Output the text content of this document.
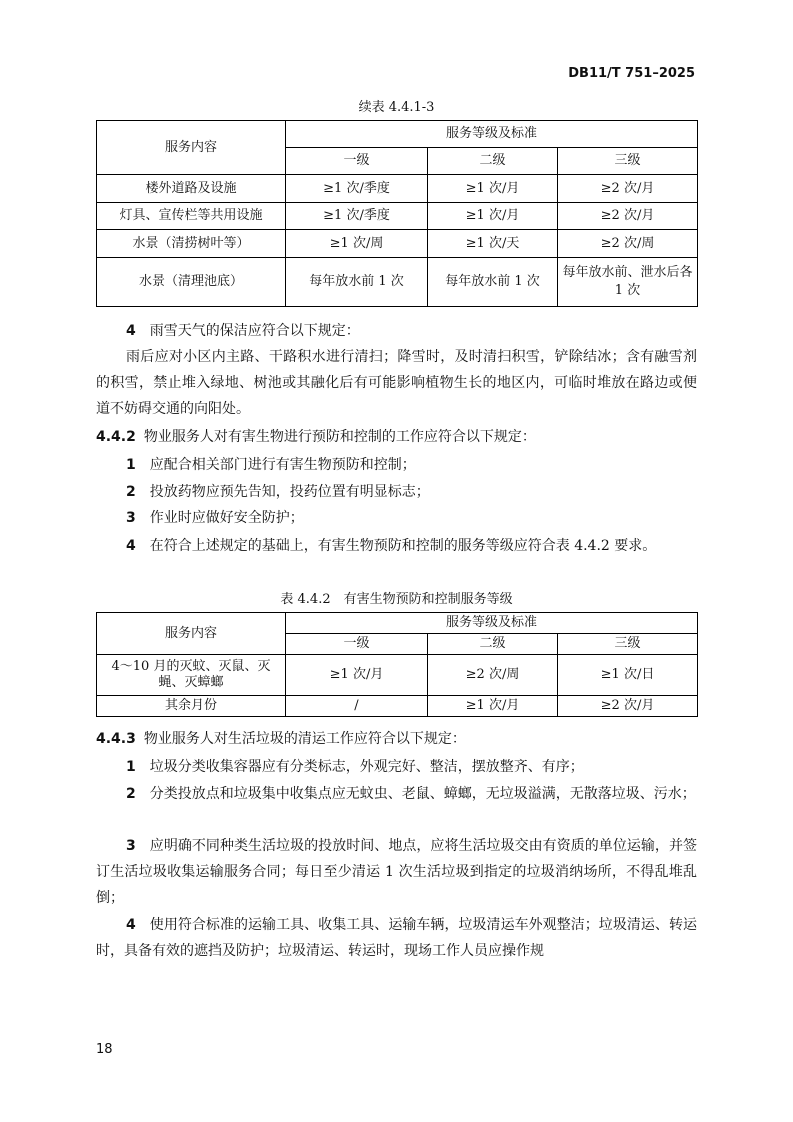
DB11/T 751–2025
续表 4.4.1-3
服务内容	服务等级及标准		
	一级	二级	三级
楼外道路及设施	≥1 次/季度	≥1 次/月	≥2 次/月
灯具、宣传栏等共用设施	≥1 次/季度	≥1 次/月	≥2 次/月
水景（清捞树叶等）	≥1 次/周	≥1 次/天	≥2 次/周
水景（清理池底）	每年放水前 1 次	每年放水前 1 次	每年放水前、泄水后各 1 次
4  雨雪天气的保洁应符合以下规定：
雨后应对小区内主路、干路积水进行清扫；降雪时，及时清扫积雪，铲除结冰；含有融雪剂的积雪，禁止堆入绿地、树池或其融化后有可能影响植物生长的地区内，可临时堆放在路边或便道不妨碍交通的向阳处。
4.4.2 物业服务人对有害生物进行预防和控制的工作应符合以下规定：
1  应配合相关部门进行有害生物预防和控制；
2  投放药物应预先告知，投药位置有明显标志；
3  作业时应做好安全防护；
4  在符合上述规定的基础上，有害生物预防和控制的服务等级应符合表 4.4.2 要求。
表 4.4.2　有害生物预防和控制服务等级
服务内容	服务等级及标准		
	一级	二级	三级
4～10 月的灭蚊、灭鼠、灭蝇、灭蟑螂	≥1 次/月	≥2 次/周	≥1 次/日
其余月份	/	≥1 次/月	≥2 次/月
4.4.3 物业服务人对生活垃圾的清运工作应符合以下规定：
1  垃圾分类收集容器应有分类标志，外观完好、整洁，摆放整齐、有序；
2  分类投放点和垃圾集中收集点应无蚊虫、老鼠、蟑螂，无垃圾溢满，无散落垃圾、污水；
3  应明确不同种类生活垃圾的投放时间、地点，应将生活垃圾交由有资质的单位运输，并签订生活垃圾收集运输服务合同；每日至少清运 1 次生活垃圾到指定的垃圾消纳场所，不得乱堆乱倒；
4  使用符合标准的运输工具、收集工具、运输车辆，垃圾清运车外观整洁；垃圾清运、转运时，具备有效的遮挡及防护；垃圾清运、转运时，现场工作人员应操作规
18
